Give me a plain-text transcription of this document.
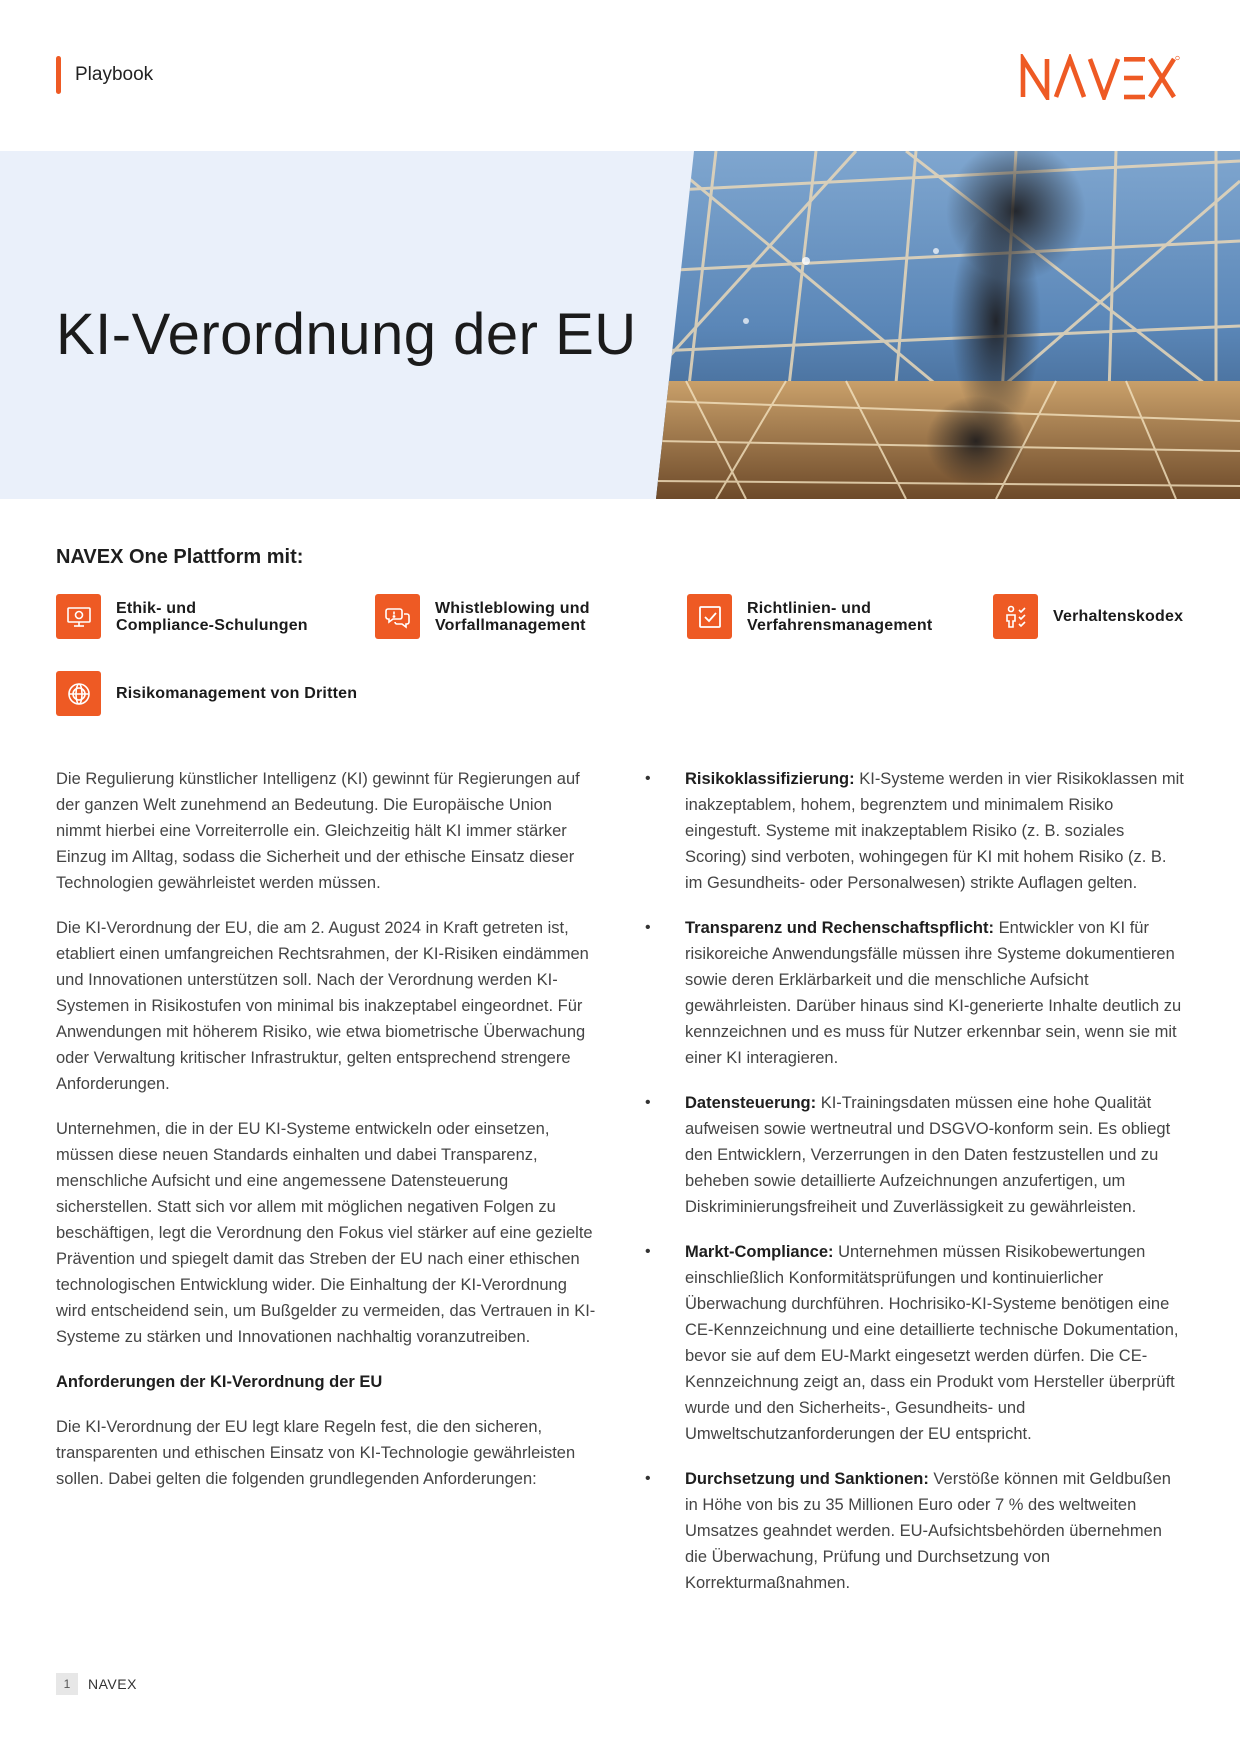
Playbook
KI-Verordnung der EU
NAVEX One Plattform mit:
Ethik- und
Compliance-Schulungen
Whistleblowing und
Vorfallmanagement
Richtlinien- und
Verfahrensmanagement	Verhaltenskodex
Risikomanagement von Dritten

Die Regulierung künstlicher Intelligenz (KI) gewinnt für Regierungen auf der ganzen Welt zunehmend an Bedeutung. Die Europäische Union nimmt hierbei eine Vorreiterrolle ein. Gleichzeitig hält KI immer stärker Einzug im Alltag, sodass die Sicherheit und der ethische Einsatz dieser Technologien gewährleistet werden müssen.

Die KI-Verordnung der EU, die am 2. August 2024 in Kraft getreten ist, etabliert einen umfangreichen Rechtsrahmen, der KI-Risiken eindämmen und Innovationen unterstützen soll. Nach der Verordnung werden KI-Systemen in Risikostufen von minimal bis inakzeptabel eingeordnet. Für Anwendungen mit höherem Risiko, wie etwa biometrische Überwachung oder Verwaltung kritischer Infrastruktur, gelten entsprechend strengere Anforderungen.

Unternehmen, die in der EU KI-Systeme entwickeln oder einsetzen, müssen diese neuen Standards einhalten und dabei Transparenz, menschliche Aufsicht und eine angemessene Datensteuerung sicherstellen. Statt sich vor allem mit möglichen negativen Folgen zu beschäftigen, legt die Verordnung den Fokus viel stärker auf eine gezielte Prävention und spiegelt damit das Streben der EU nach einer ethischen technologischen Entwicklung wider. Die Einhaltung der KI-Verordnung wird entscheidend sein, um Bußgelder zu vermeiden, das Vertrauen in KI-Systeme zu stärken und Innovationen nachhaltig voranzutreiben.

Anforderungen der KI-Verordnung der EU

Die KI-Verordnung der EU legt klare Regeln fest, die den sicheren, transparenten und ethischen Einsatz von KI-Technologie gewährleisten sollen. Dabei gelten die folgenden grundlegenden Anforderungen:

• Risikoklassifizierung: KI-Systeme werden in vier Risikoklassen mit inakzeptablem, hohem, begrenztem und minimalem Risiko eingestuft. Systeme mit inakzeptablem Risiko (z. B. soziales Scoring) sind verboten, wohingegen für KI mit hohem Risiko (z. B. im Gesundheits- oder Personalwesen) strikte Auflagen gelten.
• Transparenz und Rechenschaftspflicht: Entwickler von KI für risikoreiche Anwendungsfälle müssen ihre Systeme dokumentieren sowie deren Erklärbarkeit und die menschliche Aufsicht gewährleisten. Darüber hinaus sind KI-generierte Inhalte deutlich zu kennzeichnen und es muss für Nutzer erkennbar sein, wenn sie mit einer KI interagieren.
• Datensteuerung: KI-Trainingsdaten müssen eine hohe Qualität aufweisen sowie wertneutral und DSGVO-konform sein. Es obliegt den Entwicklern, Verzerrungen in den Daten festzustellen und zu beheben sowie detaillierte Aufzeichnungen anzufertigen, um Diskriminierungsfreiheit und Zuverlässigkeit zu gewährleisten.
• Markt-Compliance: Unternehmen müssen Risikobewertungen einschließlich Konformitätsprüfungen und kontinuierlicher Überwachung durchführen. Hochrisiko-KI-Systeme benötigen eine CE-Kennzeichnung und eine detaillierte technische Dokumentation, bevor sie auf dem EU-Markt eingesetzt werden dürfen. Die CE-Kennzeichnung zeigt an, dass ein Produkt vom Hersteller überprüft wurde und den Sicherheits-, Gesundheits- und Umweltschutzanforderungen der EU entspricht.
• Durchsetzung und Sanktionen: Verstöße können mit Geldbußen in Höhe von bis zu 35 Millionen Euro oder 7 % des weltweiten Umsatzes geahndet werden. EU-Aufsichtsbehörden übernehmen die Überwachung, Prüfung und Durchsetzung von Korrekturmaßnahmen.
1	NAVEX
